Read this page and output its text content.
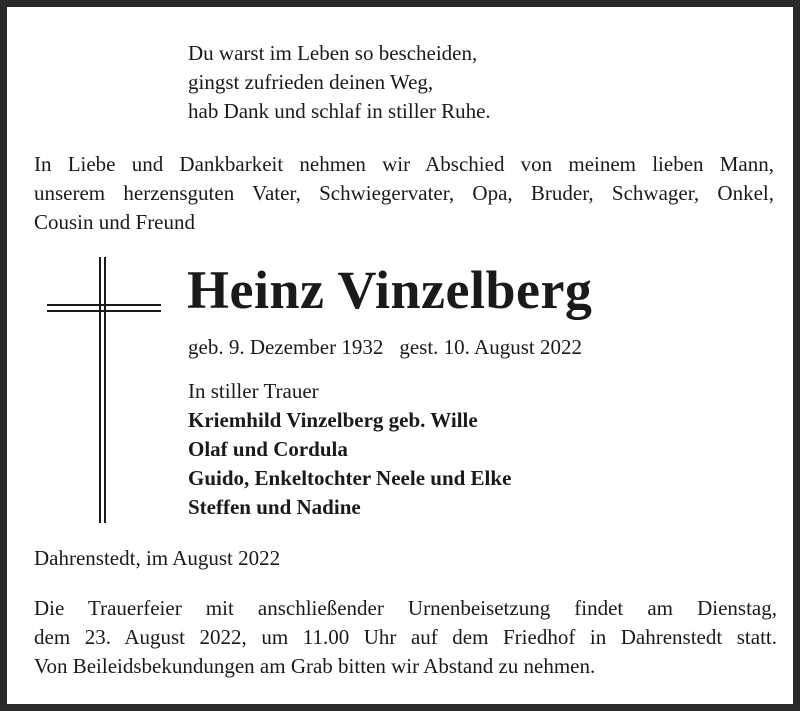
Du warst im Leben so bescheiden,
gingst zufrieden deinen Weg,
hab Dank und schlaf in stiller Ruhe.
In Liebe und Dankbarkeit nehmen wir Abschied von meinem lieben Mann,
unserem herzensguten Vater, Schwiegervater, Opa, Bruder, Schwager, Onkel,
Cousin und Freund
Heinz Vinzelberg
geb. 9. Dezember 1932 gest. 10. August 2022
In stiller Trauer
Kriemhild Vinzelberg geb. Wille
Olaf und Cordula
Guido, Enkeltochter Neele und Elke
Steffen und Nadine
Dahrenstedt, im August 2022
Die Trauerfeier mit anschließender Urnenbeisetzung findet am Dienstag,
dem 23. August 2022, um 11.00 Uhr auf dem Friedhof in Dahrenstedt statt.
Von Beileidsbekundungen am Grab bitten wir Abstand zu nehmen.
